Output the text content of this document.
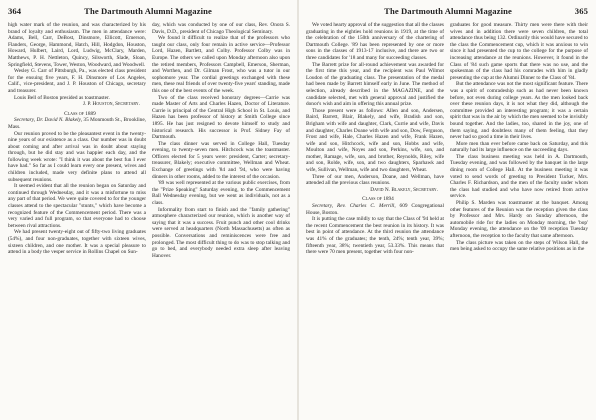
364	The Dartmouth Alumni Magazine

high water mark of the reunion, and was characterized by his brand of loyalty and enthusiasm. The men in attendance were: Adams, Bell, Carr, DeBost, Dinsmore, Ellicott, Emerson, Flanders, George, Hammond, Hatch, Hill, Hodgdon, Houston, Howard, Hulbert, Laird, Lord, Ludwig, McClary, Marden, Matthews, P. H. Nettleton, Quincy, Silsworth, Slade, Sloan, Springfield, Stevens, Tower, Weston, Woodward, and Woodwell.

Wesley G. Carr of Pittsburgh, Pa., was elected class president for the ensuing five years, F. H. Dinsmore of Los Angeles, Calif., vice-president, and J. P. Houston of Chicago, secretary and treasurer.

Louis Bell of Boston presided as toastmaster.

J. P. Houston, Secretary.

Class of 1889

Secretary, Dr. David N. Blakely, 35 Monmouth St., Brookline, Mass.

Our reunion proved to be the pleasantest event in the twenty-nine years of our existence as a class. Our number was in doubt about coming and after arrival was in doubt about staying through, but he did stay and was happier each day, and the following week wrote: "I think it was about the best fun I ever have had." So far as I could learn every one present, wives and children included, made very definite plans to attend all subsequent reunions.

It seemed evident that all the reunion began on Saturday and continued through Wednesday, and it was a misfortune to miss any part of that period. We were quite covered to for the younger classes attend to the spectacular "stunts," which have become a recognized feature of the Commencement period. There was a very varied and full program, so that everyone had to choose between rival attractions.

We had present twenty-eight out of fifty-two living graduates (54%), and four non-graduates, together with sixteen wives, sixteen children, and one mother. It was a special pleasure to attend in a body the vesper service in Rollins Chapel on Sun-

day, which was conducted by one of our class, Rev. Onora S. Davis, D.D., president of Chicago Theological Seminary.

We found it difficult to realize that of the professors who taught our class, only four remain in active service—Professor Lord, Hazen, Bartlett, and Colby. Professor Colby was in Europe. The others we called upon Monday afternoon also upon the retired members, Professors Campbell, Emerson, Sherman, and Worthen, and Dr. Gilman Frost, who was a tutor in our sophomore year. The cordial greetings exchanged with these men, these real friends of over twenty-five years' standing, made this one of the best events of the week.

Two of the class received honorary degrees—Carrie was made Master of Arts and Charles Hazen, Doctor of Literature. Currie is principal of the Central High School in St. Louis, and Hazen has been professor of history at Smith College since 1895. He has just resigned to devote himself to study and historical research. His successor is Prof. Sidney Fay of Dartmouth.

The class dinner was served in College Hall, Tuesday evening, to twenty-seven men. Hitchcock was the toastmaster. Officers elected for 5 years were: president, Carter; secretary-treasurer, Blakely; executive committee, Wellman and Wheat. Exchange of greetings with '84 and '94, who were having dinners in other rooms, added to the interest of the occasion.

'89 was well represented at the various public exercises, from the "Prize Speaking" Saturday evening, to the Commencement Ball Wednesday evening, but we went as individuals, not as a class.

Informality from start to finish and the "family gathering" atmosphere characterized our reunion, which is another way of saying that it was a success. Fruit punch and other cool drinks were served at headquarters (North Massachusetts) as often as possible. Conversations and reminiscences were free and prolonged. The most difficult thing to do was to stop talking and go to bed, and everybody needed extra sleep after leaving Hanover.

The Dartmouth Alumni Magazine	365

We voted hearty approval of the suggestion that all the classes graduating in the eighties hold reunions in 1919, at the time of the celebration of the 150th anniversary of the chartering of Dartmouth College. '89 has been represented by one or more sons in the classes of 1913-17 inclusive, and there are two or three candidates for '18 and many for succeeding classes.

The Barrett prize for all-round achievement was awarded for the first time this year, and the recipient was Paul Wilmot Loudon of the graduating class. The presentation of the medal had been made by Barrett himself early in June. The method of selection, already described in the MAGAZINE, and the candidate selected, met with general approval and justified the donor's wish and aim in offering this annual prize.

Those present were as follows: Allen and son, Andersen, Baird, Barrett, Blair, Blakely, and wife, Bradish and son, Brigham with wife and daughter, Clark, Currie and wife, Davis and daughter, Charles Doane with wife and son, Dow, Ferguson, Frost and wife, Hale, Charles Hazen and wife, Frank Hazen, wife and son, Hitchcock, wife and son, Hobbs and wife, Moulton and wife, Noyes and son, Perkins, wife, son, and mother, Ramage, wife, son, and brother, Reynolds, Riley, wife and son, Rolde, wife, son, and two daughters, Sparhawk and wife, Sullivan, Wellman, wife and two daughters, Wheat.

Three of our men, Anderson, Doane, and Wellman, have attended all the previous class reunions.

David N. Blakely, Secretary.

Class of 1894

Secretary, Rev. Charles C. Merrill, 609 Congregational House, Boston.

It is putting the case mildly to say that the Class of '94 held at the recent Commencement the best reunion in its history. It was best in point of attendance. At the third reunion the attendance was 41% of the graduates; the tenth, 24%; tenth year, 39%; fifteenth year, 38%; twentieth year, 53.33%. This means that there were 70 men present, together with four non-

graduates for good measure. Thirty men were there with their wives and in addition there were seven children, the total attendance thus being 132. Ordinarily this would have secured to the class the Commencement cup, which it was anxious to win since it had presented the cup to the college for the purpose of increasing attendance at the reunions. However, it found in the Class of '84 such game sports that there was no use, and the spokesman of the class had his comrades with him in gladly presenting the cup at the Alumni Dinner to the Class of '84.

But the attendance was not the most significant feature. There was a spirit of comradeship such as had never been known before, not even during college years. As the men looked back over these reunion days, it is not what they did, although the committee provided an interesting program; it was a certain spirit that was in the air by which the men seemed to be invisibly bound together. And the ladies, too, shared in the joy, one of them saying, and doubtless many of them feeling, that they never had so good a time in their lives.

More men than ever before came back on Saturday, and this naturally had its large influence on the succeeding days.

The class business meeting was held in A. Dartmouth, Tuesday evening, and was followed by the banquet in the large dining room of College Hall. At the business meeting it was voted to send words of greeting to President Tucker, Mrs. Charles F. Richardson, and the men of the faculty under whom the class had studied and who have now retired from active service.

Philip S. Marden was toastmaster at the banquet. Among other features of the Reunion was the reception given the class by Professor and Mrs. Hardy on Sunday afternoon, the automobile ride for the ladies on Monday morning, the 'bop' Monday evening, the attendance on the '09 reception Tuesday afternoon, the reception to the faculty that same afternoon.

The class picture was taken on the steps of Wilson Hall, the men being asked to occupy the same relative positions as in the
